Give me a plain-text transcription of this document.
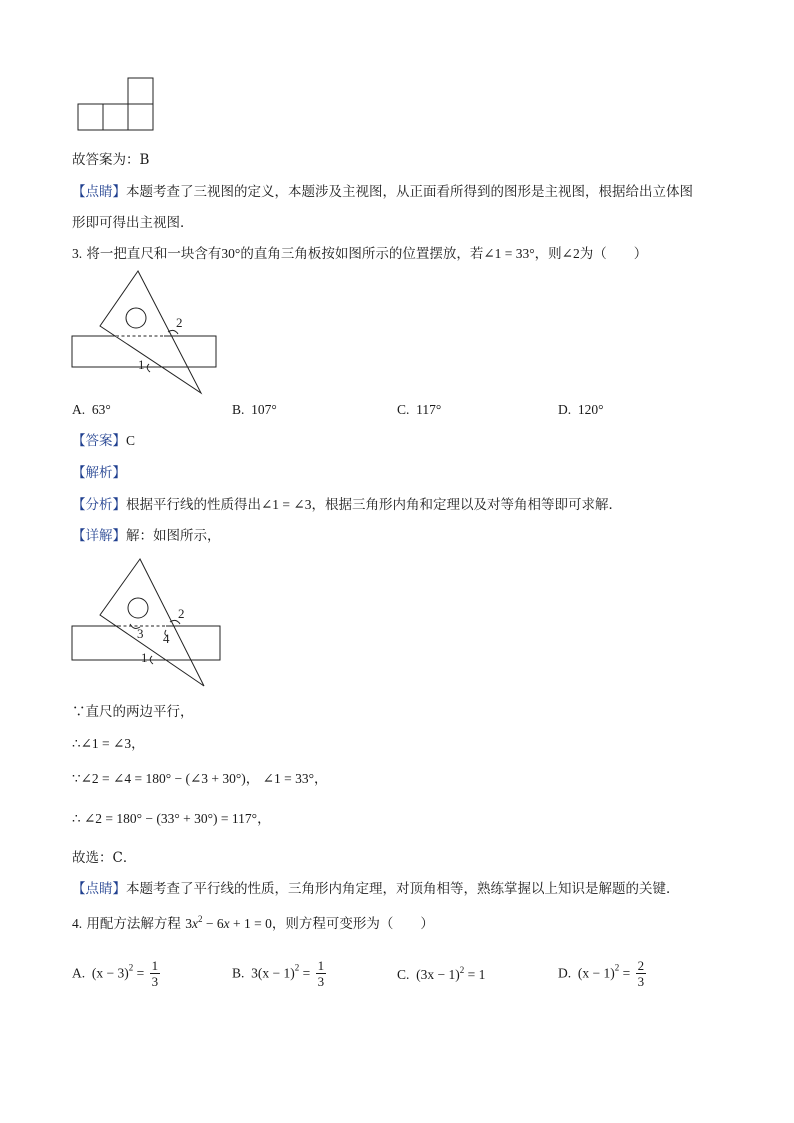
故答案为：B
【点睛】本题考查了三视图的定义，本题涉及主视图，从正面看所得到的图形是主视图，根据给出立体图
形即可得出主视图．
3. 将一把直尺和一块含有30°的直角三角板按如图所示的位置摆放，若∠1 = 33°，则∠2为（　　）
2
1
A. 63°	B. 107°	C. 117°	D. 120°
【答案】C
【解析】
【分析】根据平行线的性质得出∠1 = ∠3，根据三角形内角和定理以及对等角相等即可求解．
【详解】解：如图所示，
2
3 4
1
∵直尺的两边平行，
∴∠1 = ∠3，
∵∠2 = ∠4 = 180° − (∠3 + 30°)， ∠1 = 33°，
∴ ∠2 = 180° − (33° + 30°) = 117°，
故选：C．
【点睛】本题考查了平行线的性质，三角形内角定理，对顶角相等，熟练掌握以上知识是解题的关键．
4. 用配方法解方程 $3x^2 - 6x + 1 = 0$，则方程可变形为（　　）
A. $(x - 3)^2 = \frac{1}{3}$	B. $3(x - 1)^2 = \frac{1}{3}$	C. $(3x - 1)^2 = 1$	D. $(x - 1)^2 = \frac{2}{3}$
